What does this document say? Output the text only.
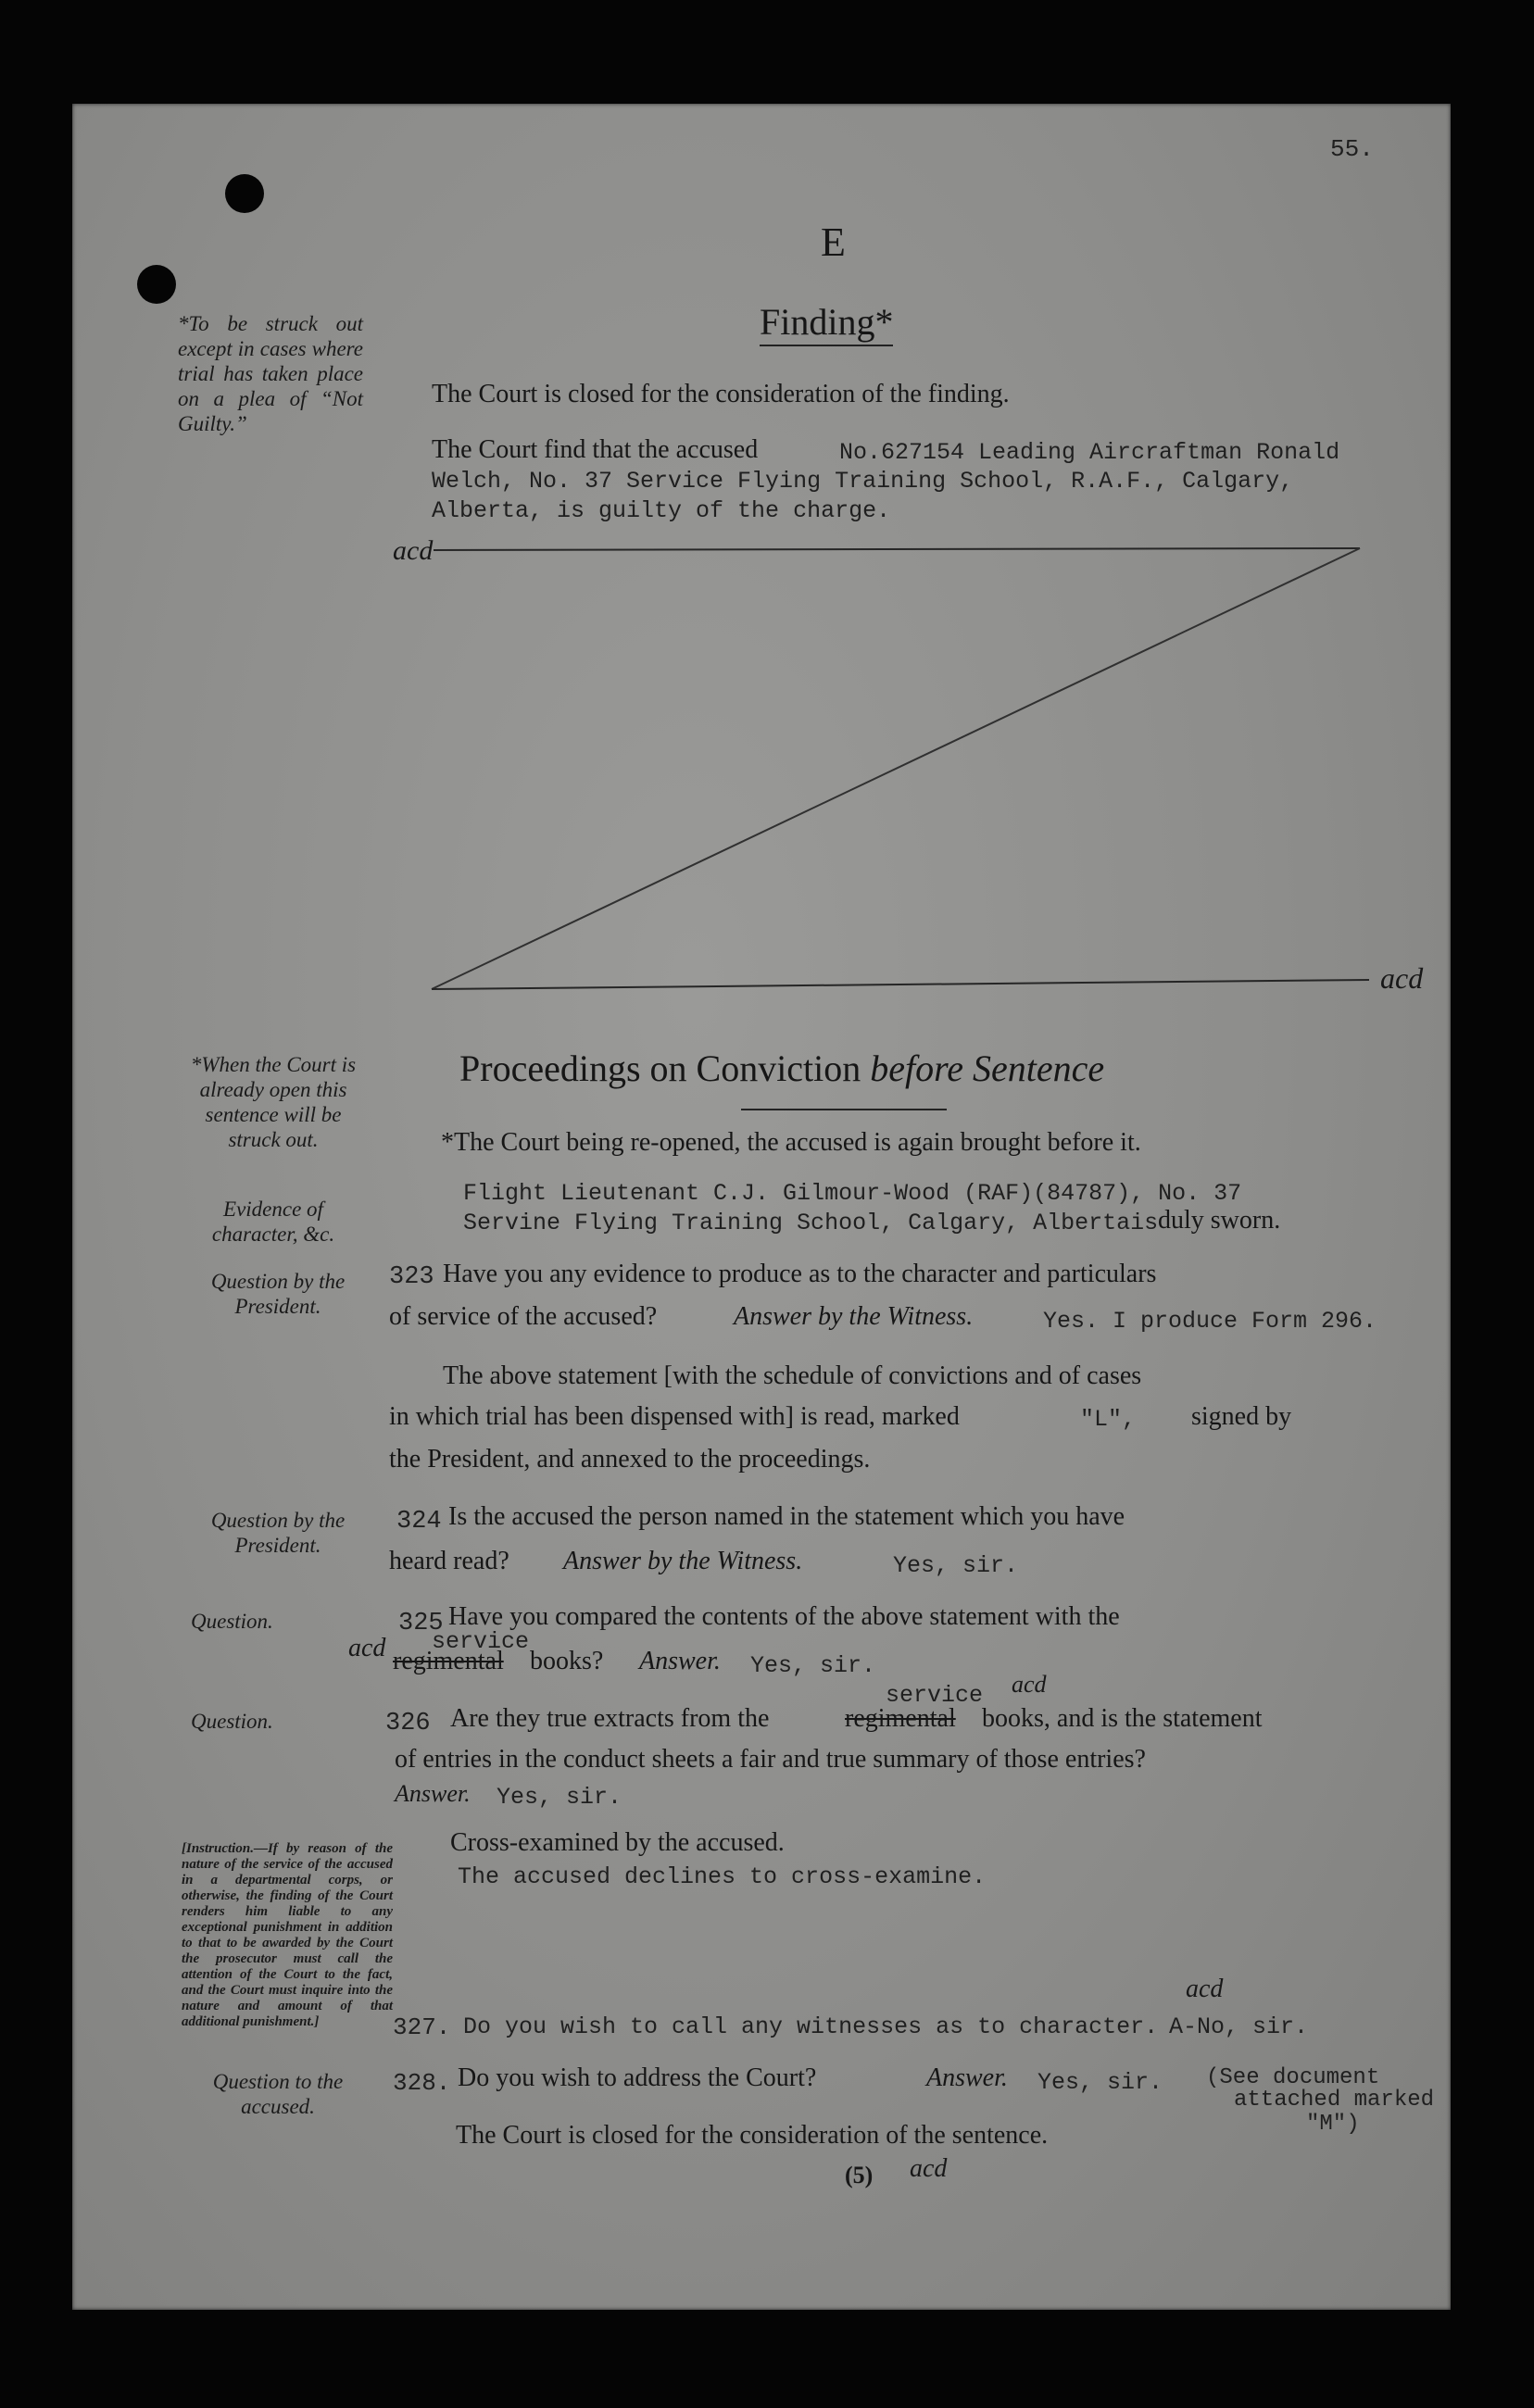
55.
E
*To be struck out except in cases where trial has taken place on a plea of “Not Guilty.”
Finding*
The Court is closed for the consideration of the finding.
The Court find that the accused	No.627154 Leading Aircraftman Ronald
Welch, No. 37 Service Flying Training School, R.A.F., Calgary,
Alberta, is guilty of the charge.
acd
acd
*When the Court is already open this sentence will be struck out.
Evidence of character, &c.
Proceedings on Conviction before Sentence
*The Court being re-opened, the accused is again brought before it.
Flight Lieutenant C.J. Gilmour-Wood (RAF)(84787), No. 37
Servine Flying Training School, Calgary, Albertais duly sworn.
Question by the President.
323 Have you any evidence to produce as to the character and particulars
of service of the accused?	Answer by the Witness.	Yes. I produce Form 296.
The above statement [with the schedule of convictions and of cases
in which trial has been dispensed with] is read, marked	"L", signed by
the President, and annexed to the proceedings.
Question by the President.
324 Is the accused the person named in the statement which you have
heard read? Answer by the Witness.	Yes, sir.
Question.	325 Have you compared the contents of the above statement with the
service
acd regimental books? Answer. Yes, sir.
Question.	326 Are they true extracts from the
service acd
regimental books, and is the statement
of entries in the conduct sheets a fair and true summary of those entries?
Answer. Yes, sir.
[Instruction.—If by reason of the nature of the service of the accused in a departmental corps, or otherwise, the finding of the Court renders him liable to any exceptional punishment in addition to that to be awarded by the Court the prosecutor must call the attention of the Court to the fact, and the Court must inquire into the nature and amount of that additional punishment.]
Cross-examined by the accused.
The accused declines to cross-examine.
327. Do you wish to call any witnesses as to character. A-No, sir.
acd
Question to the accused.
328. Do you wish to address the Court?	Answer. Yes, sir. (See document
attached marked
"M")
The Court is closed for the consideration of the sentence.
(5) acd
